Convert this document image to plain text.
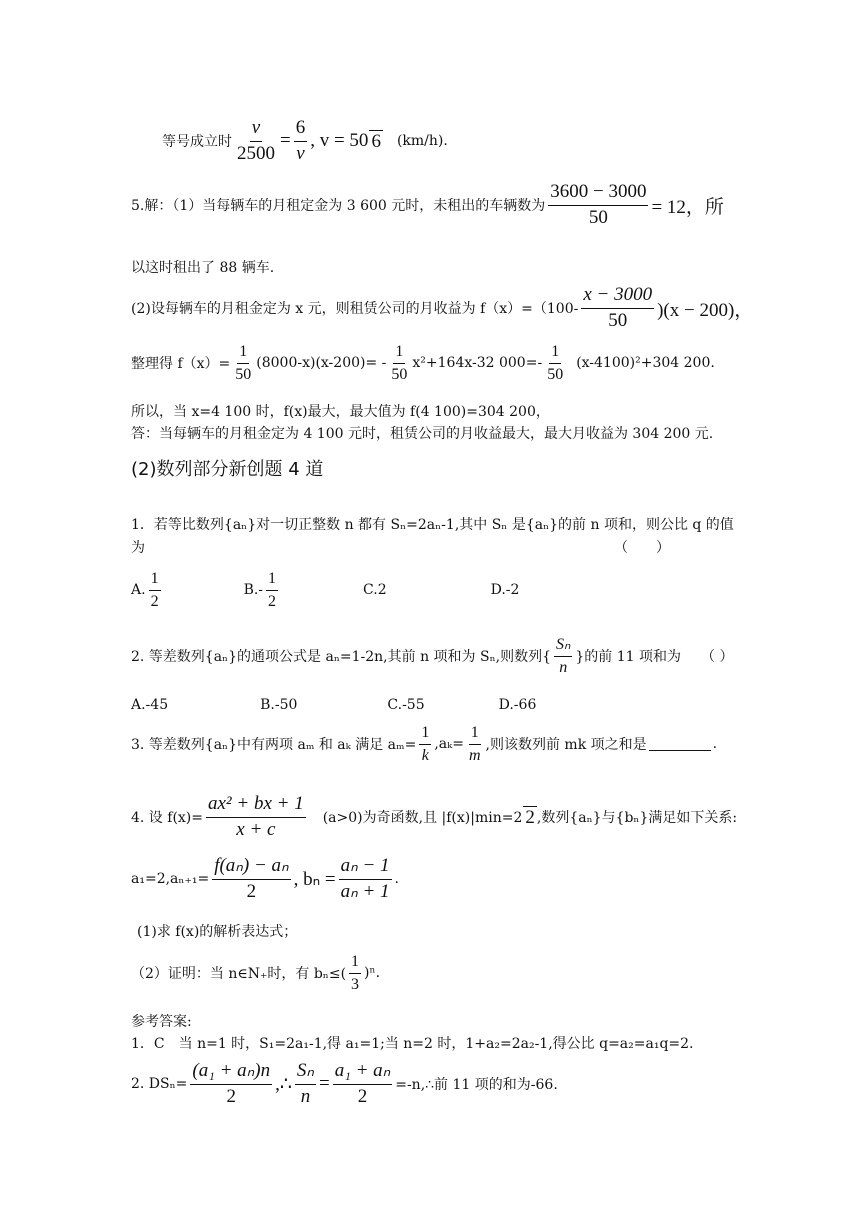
等号成立时 $\frac{v}{2500} = \frac{6}{v}$ , v = 50 6 (km/h).
5.解：（1）当每辆车的月租定金为 3 600 元时，未租出的车辆数为 $\frac{3600 - 3000}{50} = 12$，所
以这时租出了 88 辆车.
(2)设每辆车的月租金定为 x 元，则租赁公司的月收益为 $f(x)=(100- \frac{x - 3000}{50} )(x - 200)$，
整理得 $f(x)= \frac{1}{50} (8000-x)(x-200)= - \frac{1}{50} x^2+164x-32$ $000=- \frac{1}{50} (x-4100)^2+304$ 200.
所以，当 x=4 100 时，f(x)最大，最大值为 f(4 100)=304 200，
答：当每辆车的月租金定为 4 100 元时，租赁公司的月收益最大，最大月收益为 304 200 元.
(2)数列部分新创题 4 道
1．若等比数列{aₙ}对一切正整数 n 都有 Sₙ=2aₙ-1,其中 Sₙ 是{aₙ}的前 n 项和，则公比 q 的值
为	（　　）
A. $\frac{1}{2}$	$B.- \frac{1}{2}$	C.2	D.-2
2. 等差数列{aₙ}的通项公式是 aₙ=1-2n,其前 n 项和为 Sₙ,则数列{ $\frac{\text{Sₙ}}{n}$ }的前 11 项和为 （ ）
A.-45	B.-50	C.-55	D.-66
3. 等差数列{aₙ}中有两项 aₘ 和 aₖ 满足 $a_m= \frac{1}{k} ,a_k= \frac{1}{m}$ ,则该数列前 mk 项之和是	.
4. 设 $f(x)= \frac{\text{ax² + bx + 1}}{x + c} (a>0)$为奇函数,且 |f(x)|min=2 2 ,数列{aₙ}与{bₙ}满足如下关系:
$a_1=2,a_{n+1}= \frac{\text{f(aₙ) − aₙ}}{2}$ , $b_n = \frac{\text{aₙ − 1}}{\text{aₙ + 1}}$ .
(1)求 f(x)的解析表达式；
（2）证明：当 n∈N₊时，有 $b_n\le( \frac{1}{3} )^n$.
参考答案:
1．C　当 n=1 时，S₁=2a₁-1,得 a₁=1;当 n=2 时，1+a₂=2a₂-1,得公比 q=a₂=a₁q=2.
2. $DS_n= \frac{\text{(a₁ + aₙ)n}}{2}$ ,∴ $\frac{\text{Sₙ}}{n} = \frac{\text{a₁ + aₙ}}{2}$ =-n,∴前 11 项的和为-66.
